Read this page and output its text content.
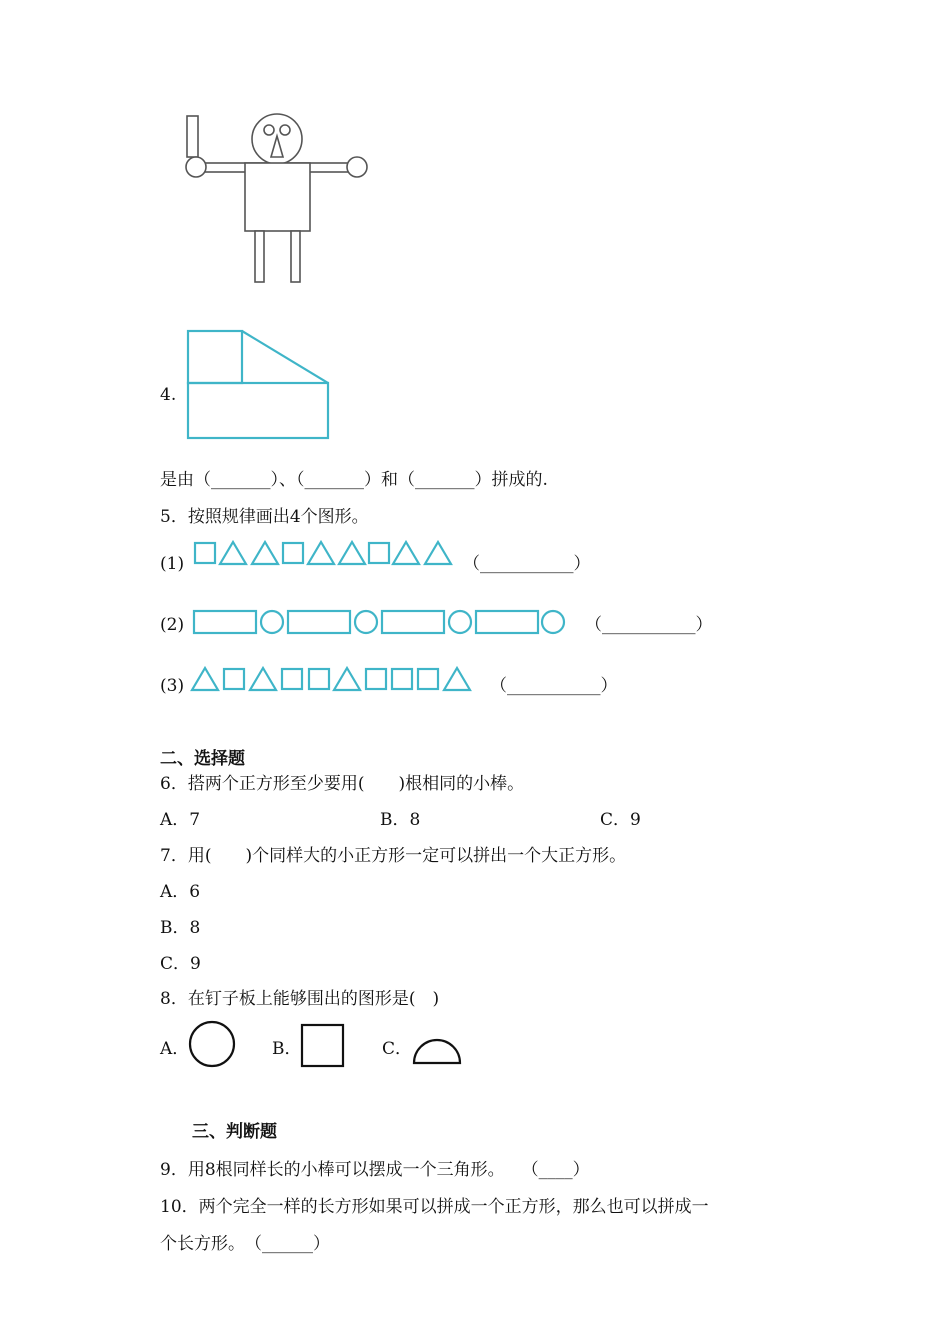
4.
是由（_______）、（_______）和（_______）拼成的.
5．按照规律画出4个图形。
(1)	（___________）
(2)	（___________）
(3)	（___________）
二、选择题
6．搭两个正方形至少要用(　　)根相同的小棒。
A．7	B．8	C．9
7．用(　　)个同样大的小正方形一定可以拼出一个大正方形。
A．6
B．8
C．9
8．在钉子板上能够围出的图形是(　)
A．	B．	C．
三、判断题
9．用8根同样长的小棒可以摆成一个三角形。　　（____）
10．两个完全一样的长方形如果可以拼成一个正方形，那么也可以拼成一
个长方形。　（______）
